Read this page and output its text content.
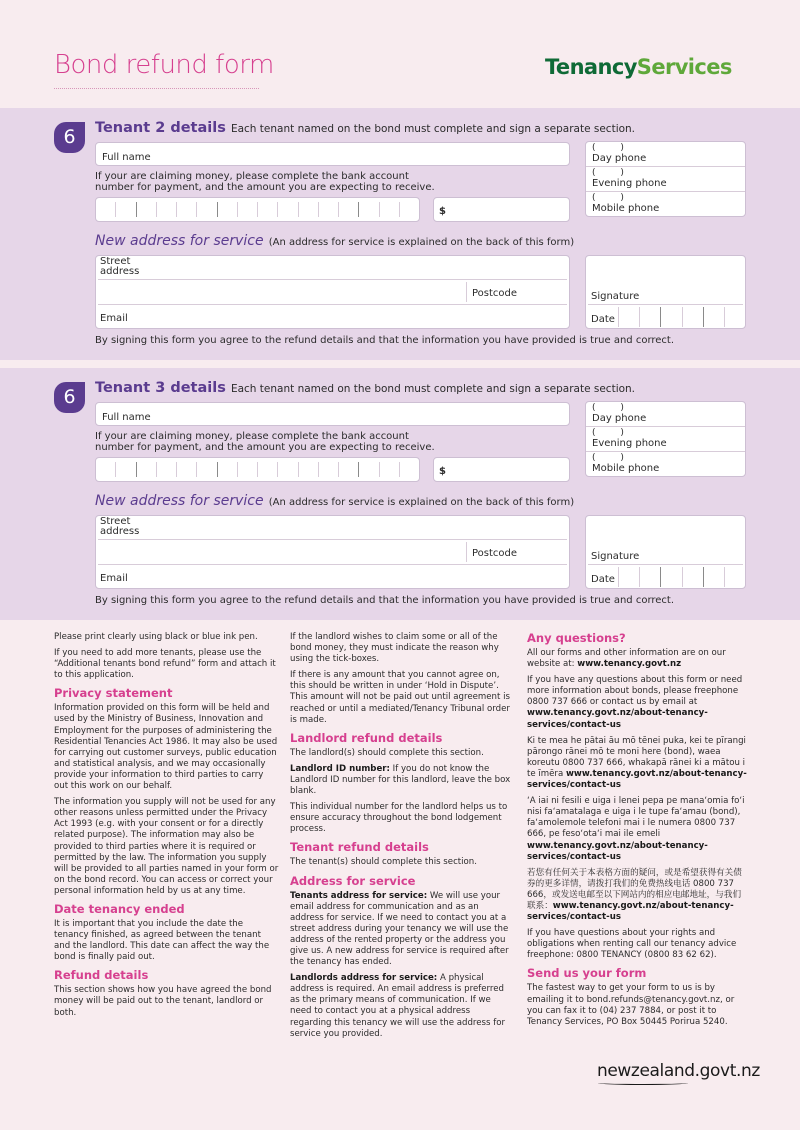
Bond refund form	TenancyServices
6	Tenant 2 details Each tenant named on the bond must complete and sign a separate section.
Full name
If your are claiming money, please complete the bank account
number for payment, and the amount you are expecting to receive.
$
( )
Day phone
( )
Evening phone
( )
Mobile phone
New address for service (An address for service is explained on the back of this form)
Street address
Postcode
Email
Signature
Date
By signing this form you agree to the refund details and that the information you have provided is true and correct.
6	Tenant 3 details Each tenant named on the bond must complete and sign a separate section.
Full name
If your are claiming money, please complete the bank account
number for payment, and the amount you are expecting to receive.
$
( )
Day phone
( )
Evening phone
( )
Mobile phone
New address for service (An address for service is explained on the back of this form)
Street address
Postcode
Email
Signature
Date
By signing this form you agree to the refund details and that the information you have provided is true and correct.

Please print clearly using black or blue ink pen.

If you need to add more tenants, please use the “Additional tenants bond refund” form and attach it to this application.

Privacy statement

Information provided on this form will be held and used by the Ministry of Business, Innovation and Employment for the purposes of administering the Residential Tenancies Act 1986. It may also be used for carrying out customer surveys, public education and statistical analysis, and we may occasionally provide your information to third parties to carry out this work on our behalf.

The information you supply will not be used for any other reasons unless permitted under the Privacy Act 1993 (e.g. with your consent or for a directly related purpose). The information may also be provided to third parties where it is required or permitted by the law. The information you supply will be provided to all parties named in your form or on the bond record. You can access or correct your personal information held by us at any time.

Date tenancy ended

It is important that you include the date the tenancy finished, as agreed between the tenant and the landlord. This date can affect the way the bond is finally paid out.

Refund details

This section shows how you have agreed the bond money will be paid out to the tenant, landlord or both.

If the landlord wishes to claim some or all of the bond money, they must indicate the reason why using the tick-boxes.

If there is any amount that you cannot agree on, this should be written in under ‘Hold in Dispute’. This amount will not be paid out until agreement is reached or until a mediated/Tenancy Tribunal order is made.

Landlord refund details

The landlord(s) should complete this section.

Landlord ID number: If you do not know the Landlord ID number for this landlord, leave the box blank.

This individual number for the landlord helps us to ensure accuracy throughout the bond lodgement process.

Tenant refund details

The tenant(s) should complete this section.

Address for service

Tenants address for service: We will use your email address for communication and as an address for service. If we need to contact you at a street address during your tenancy we will use the address of the rented property or the address you give us. A new address for service is required after the tenancy has ended.

Landlords address for service: A physical address is required. An email address is preferred as the primary means of communication. If we need to contact you at a physical address regarding this tenancy we will use the address for service you provided.

Any questions?

All our forms and other information are on our website at: www.tenancy.govt.nz

If you have any questions about this form or need more information about bonds, please freephone 0800 737 666 or contact us by email at www.tenancy.govt.nz/about-tenancy-services/contact-us

Ki te mea he pātai āu mō tēnei puka, kei te pīrangi pārongo rānei mō te moni here (bond), waea koreutu 0800 737 666, whakapā rānei ki a mātou i te īmēra www.tenancy.govt.nz/about-tenancy-services/contact-us

‘A iai ni fesili e uiga i lenei pepa pe mana‘omia fo‘i nisi fa‘amatalaga e uiga i le tupe fa‘amau (bond), fa‘amolemole telefoni mai i le numera 0800 737 666, pe feso‘ota‘i mai ile emeli www.tenancy.govt.nz/about-tenancy-services/contact-us

若您有任何关于本表格方面的疑问，或是希望获得有关债券的更多详情，请拨打我们的免费热线电话 0800 737 666，或发送电邮至以下网站内的相应电邮地址，与我们联系：www.tenancy.govt.nz/about-tenancy-services/contact-us

If you have questions about your rights and obligations when renting call our tenancy advice freephone: 0800 TENANCY (0800 83 62 62).

Send us your form

The fastest way to get your form to us is by emailing it to bond.refunds@tenancy.govt.nz, or you can fax it to (04) 237 7884, or post it to Tenancy Services, PO Box 50445 Porirua 5240.

newzealand.govt.nz
